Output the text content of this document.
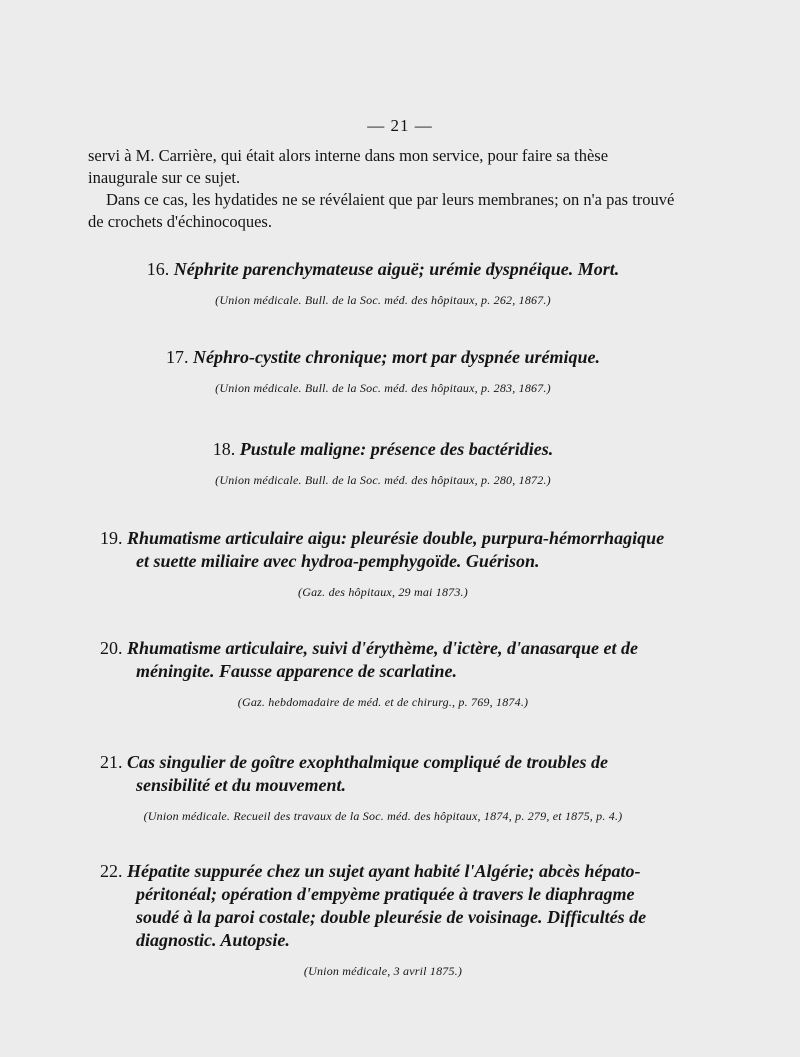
— 21 —

servi à M. Carrière, qui était alors interne dans mon service, pour faire sa thèse inaugurale sur ce sujet.

Dans ce cas, les hydatides ne se révélaient que par leurs membranes; on n'a pas trouvé de crochets d'échinocoques.

16. Néphrite parenchymateuse aiguë; urémie dyspnéique. Mort.

(Union médicale. Bull. de la Soc. méd. des hôpitaux, p. 262, 1867.)

17. Néphro-cystite chronique; mort par dyspnée urémique.

(Union médicale. Bull. de la Soc. méd. des hôpitaux, p. 283, 1867.)

18. Pustule maligne: présence des bactéridies.

(Union médicale. Bull. de la Soc. méd. des hôpitaux, p. 280, 1872.)

19. Rhumatisme articulaire aigu: pleurésie double, purpura-hémorrhagique et suette miliaire avec hydroa-pemphygoïde. Guérison.

(Gaz. des hôpitaux, 29 mai 1873.)

20. Rhumatisme articulaire, suivi d'érythème, d'ictère, d'anasarque et de méningite. Fausse apparence de scarlatine.

(Gaz. hebdomadaire de méd. et de chirurg., p. 769, 1874.)

21. Cas singulier de goître exophthalmique compliqué de troubles de sensibilité et du mouvement.

(Union médicale. Recueil des travaux de la Soc. méd. des hôpitaux, 1874, p. 279, et 1875, p. 4.)

22. Hépatite suppurée chez un sujet ayant habité l'Algérie; abcès hépato-péritonéal; opération d'empyème pratiquée à travers le diaphragme soudé à la paroi costale; double pleurésie de voisinage. Difficultés de diagnostic. Autopsie.

(Union médicale, 3 avril 1875.)
